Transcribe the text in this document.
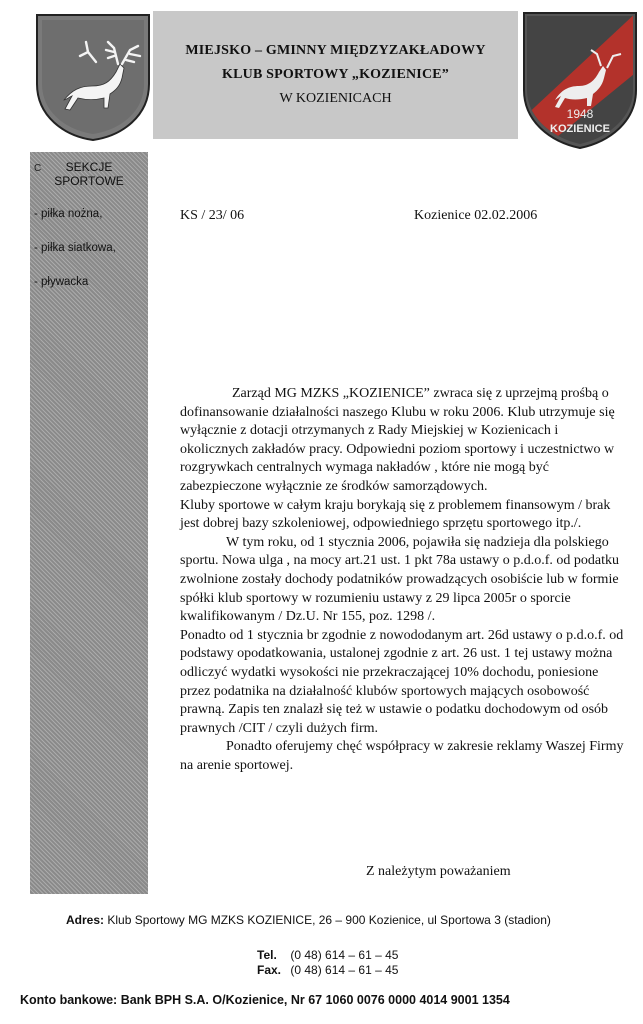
MIEJSKO – GMINNY MIĘDZYZAKŁADOWY
KLUB SPORTOWY „KOZIENICE”
W KOZIENICACH
1948
KOZIENICE
C	SEKCJE
SPORTOWE
- piłka nożna,
- piłka siatkowa,
- pływacka
KS / 23/ 06	Kozienice 02.02.2006

Zarząd MG MZKS „KOZIENICE” zwraca się z uprzejmą prośbą o dofinansowanie działalności naszego Klubu w roku 2006. Klub utrzymuje się wyłącznie z dotacji otrzymanych z Rady Miejskiej w Kozienicach i okolicznych zakładów pracy. Odpowiedni poziom sportowy i uczestnictwo w rozgrywkach centralnych wymaga nakładów , które nie mogą być zabezpieczone wyłącznie ze środków samorządowych.

Kluby sportowe w całym kraju borykają się z problemem finansowym / brak jest dobrej bazy szkoleniowej, odpowiedniego sprzętu sportowego itp./.

W tym roku, od 1 stycznia 2006, pojawiła się nadzieja dla polskiego sportu. Nowa ulga , na mocy art.21 ust. 1 pkt 78a ustawy o p.d.o.f. od podatku zwolnione zostały dochody podatników prowadzących osobiście lub w formie spółki klub sportowy w rozumieniu ustawy z 29 lipca 2005r o sporcie kwalifikowanym / Dz.U. Nr 155, poz. 1298 /.

Ponadto od 1 stycznia br zgodnie z nowododanym art. 26d ustawy o p.d.o.f. od podstawy opodatkowania, ustalonej zgodnie z art. 26 ust. 1 tej ustawy można odliczyć wydatki wysokości nie przekraczającej 10% dochodu, poniesione przez podatnika na działalność klubów sportowych mających osobowość prawną. Zapis ten znalazł się też w ustawie o podatku dochodowym od osób prawnych /CIT / czyli dużych firm.

Ponadto oferujemy chęć współpracy w zakresie reklamy Waszej Firmy na arenie sportowej.

Z należytym poważaniem
Adres: Klub Sportowy MG MZKS KOZIENICE, 26 – 900 Kozienice, ul Sportowa 3 (stadion)
Tel. (0 48) 614 – 61 – 45
Fax. (0 48) 614 – 61 – 45
Konto bankowe: Bank BPH S.A. O/Kozienice, Nr 67 1060 0076 0000 4014 9001 1354
